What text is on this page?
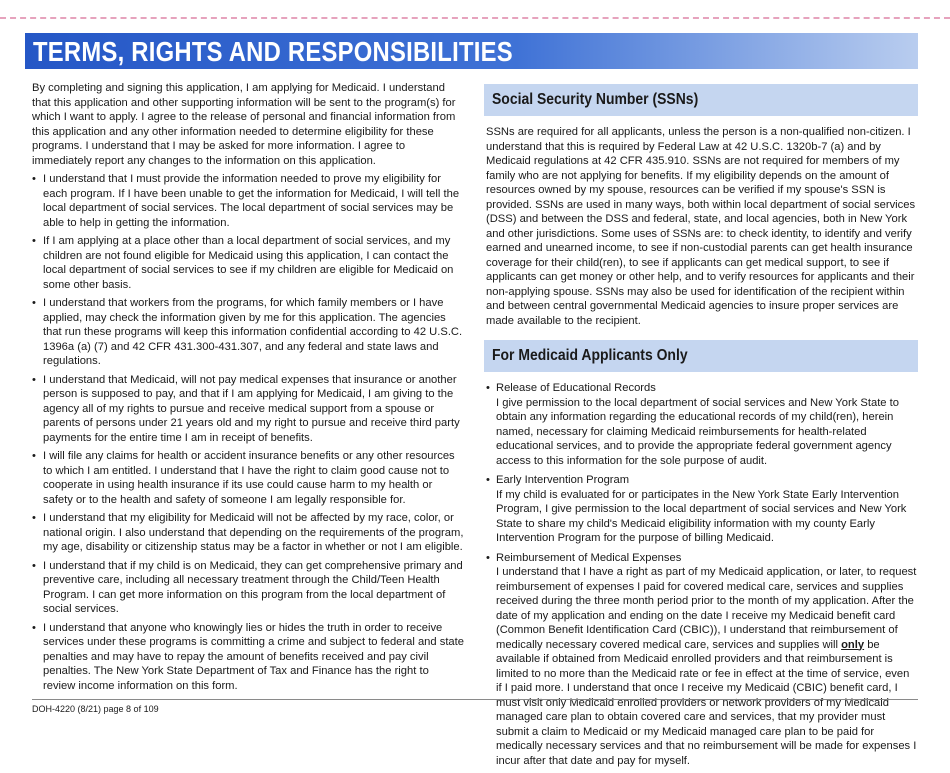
TERMS, RIGHTS AND RESPONSIBILITIES

By completing and signing this application, I am applying for Medicaid. I understand that this application and other supporting information will be sent to the program(s) for which I want to apply. I agree to the release of personal and financial information from this application and any other information needed to determine eligibility for these programs. I understand that I may be asked for more information. I agree to immediately report any changes to the information on this application.

• I understand that I must provide the information needed to prove my eligibility for each program. If I have been unable to get the information for Medicaid, I will tell the local department of social services. The local department of social services may be able to help in getting the information.
• If I am applying at a place other than a local department of social services, and my children are not found eligible for Medicaid using this application, I can contact the local department of social services to see if my children are eligible for Medicaid on some other basis.
• I understand that workers from the programs, for which family members or I have applied, may check the information given by me for this application. The agencies that run these programs will keep this information confidential according to 42 U.S.C. 1396a (a) (7) and 42 CFR 431.300-431.307, and any federal and state laws and regulations.
• I understand that Medicaid, will not pay medical expenses that insurance or another person is supposed to pay, and that if I am applying for Medicaid, I am giving to the agency all of my rights to pursue and receive medical support from a spouse or parents of persons under 21 years old and my right to pursue and receive third party payments for the entire time I am in receipt of benefits.
• I will file any claims for health or accident insurance benefits or any other resources to which I am entitled. I understand that I have the right to claim good cause not to cooperate in using health insurance if its use could cause harm to my health or safety or to the health and safety of someone I am legally responsible for.
• I understand that my eligibility for Medicaid will not be affected by my race, color, or national origin. I also understand that depending on the requirements of the program, my age, disability or citizenship status may be a factor in whether or not I am eligible.
• I understand that if my child is on Medicaid, they can get comprehensive primary and preventive care, including all necessary treatment through the Child/Teen Health Program. I can get more information on this program from the local department of social services.
• I understand that anyone who knowingly lies or hides the truth in order to receive services under these programs is committing a crime and subject to federal and state penalties and may have to repay the amount of benefits received and pay civil penalties. The New York State Department of Tax and Finance has the right to review income information on this form.
Social Security Number (SSNs)

SSNs are required for all applicants, unless the person is a non-qualified non-citizen. I understand that this is required by Federal Law at 42 U.S.C. 1320b-7 (a) and by Medicaid regulations at 42 CFR 435.910. SSNs are not required for members of my family who are not applying for benefits. If my eligibility depends on the amount of resources owned by my spouse, resources can be verified if my spouse's SSN is provided. SSNs are used in many ways, both within local department of social services (DSS) and between the DSS and federal, state, and local agencies, both in New York and other jurisdictions. Some uses of SSNs are: to check identity, to identify and verify earned and unearned income, to see if non-custodial parents can get health insurance coverage for their child(ren), to see if applicants can get medical support, to see if applicants can get money or other help, and to verify resources for applicants and their non-applying spouse. SSNs may also be used for identification of the recipient within and between central governmental Medicaid agencies to insure proper services are made available to the recipient.

For Medicaid Applicants Only
• Release of Educational Records
I give permission to the local department of social services and New York State to obtain any information regarding the educational records of my child(ren), herein named, necessary for claiming Medicaid reimbursements for health-related educational services, and to provide the appropriate federal government agency access to this information for the sole purpose of audit.
• Early Intervention Program
If my child is evaluated for or participates in the New York State Early Intervention Program, I give permission to the local department of social services and New York State to share my child's Medicaid eligibility information with my county Early Intervention Program for the purpose of billing Medicaid.
• Reimbursement of Medical Expenses
I understand that I have a right as part of my Medicaid application, or later, to request reimbursement of expenses I paid for covered medical care, services and supplies received during the three month period prior to the month of my application. After the date of my application and ending on the date I receive my Medicaid benefit card (Common Benefit Identification Card (CBIC)), I understand that reimbursement of medically necessary covered medical care, services and supplies will only be available if obtained from Medicaid enrolled providers and that reimbursement is limited to no more than the Medicaid rate or fee in effect at the time of service, even if I paid more. I understand that once I receive my Medicaid (CBIC) benefit card, I must visit only Medicaid enrolled providers or network providers of my Medicaid managed care plan to obtain covered care and services, that my provider must submit a claim to Medicaid or my Medicaid managed care plan to be paid for medically necessary services and that no reimbursement will be made for expenses I incur after that date and pay for myself.
DOH-4220 (8/21) page 8 of 109
